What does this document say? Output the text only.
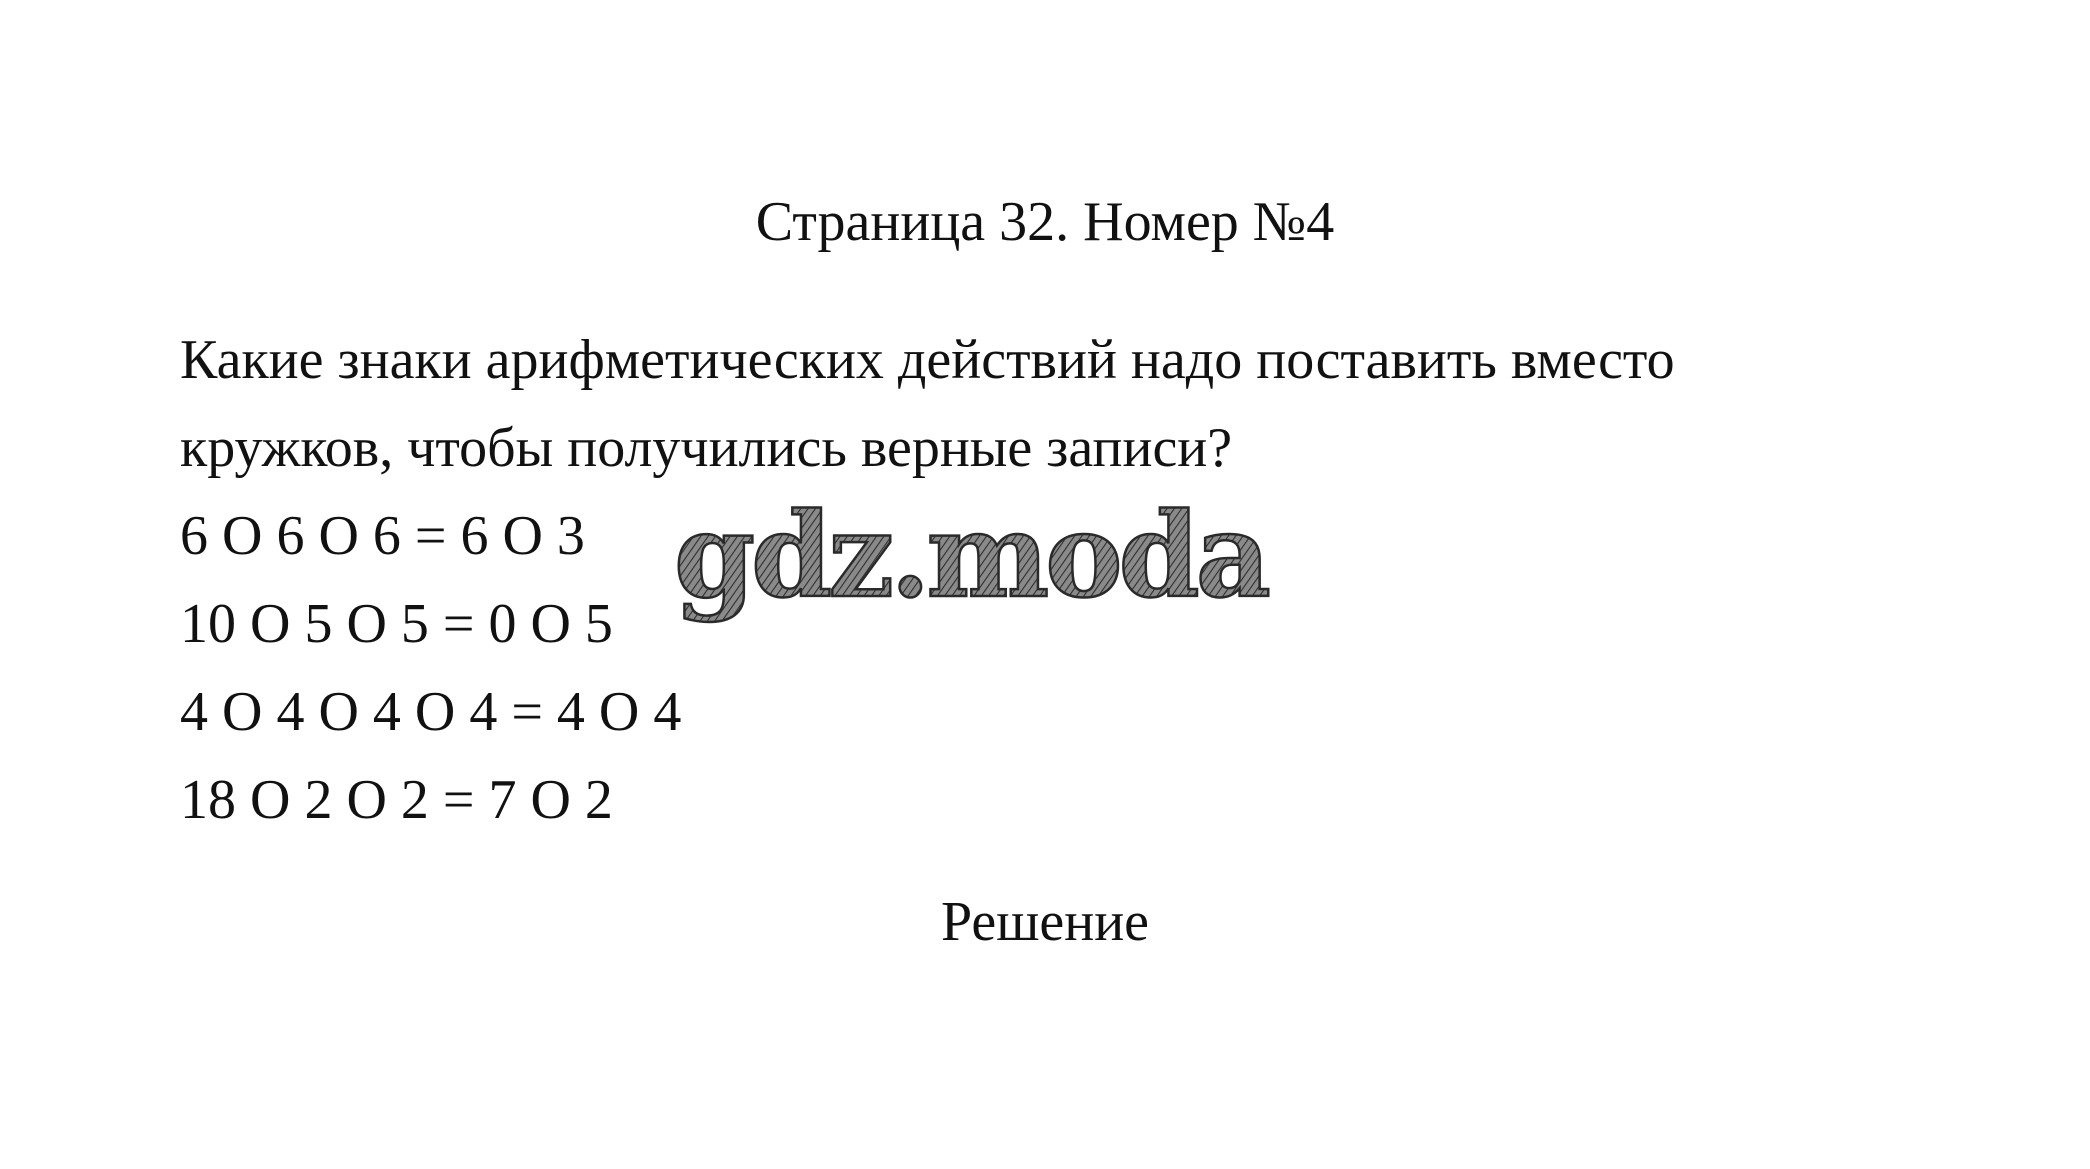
Страница 32. Номер №4
Какие знаки арифметических действий надо поставить вместо
кружков, чтобы получились верные записи?
6 О 6 О 6 = 6 О 3
10 О 5 О 5 = 0 О 5
4 О 4 О 4 О 4 = 4 О 4
18 О 2 О 2 = 7 О 2
Решение
gdz.moda
